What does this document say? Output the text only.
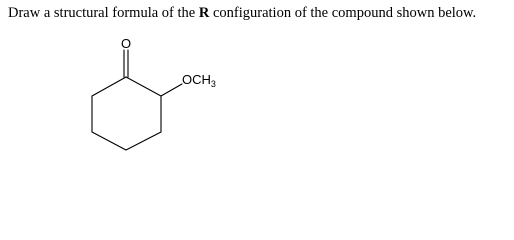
Draw a structural formula of the R configuration of the compound shown below.

O
$OCH_3$
